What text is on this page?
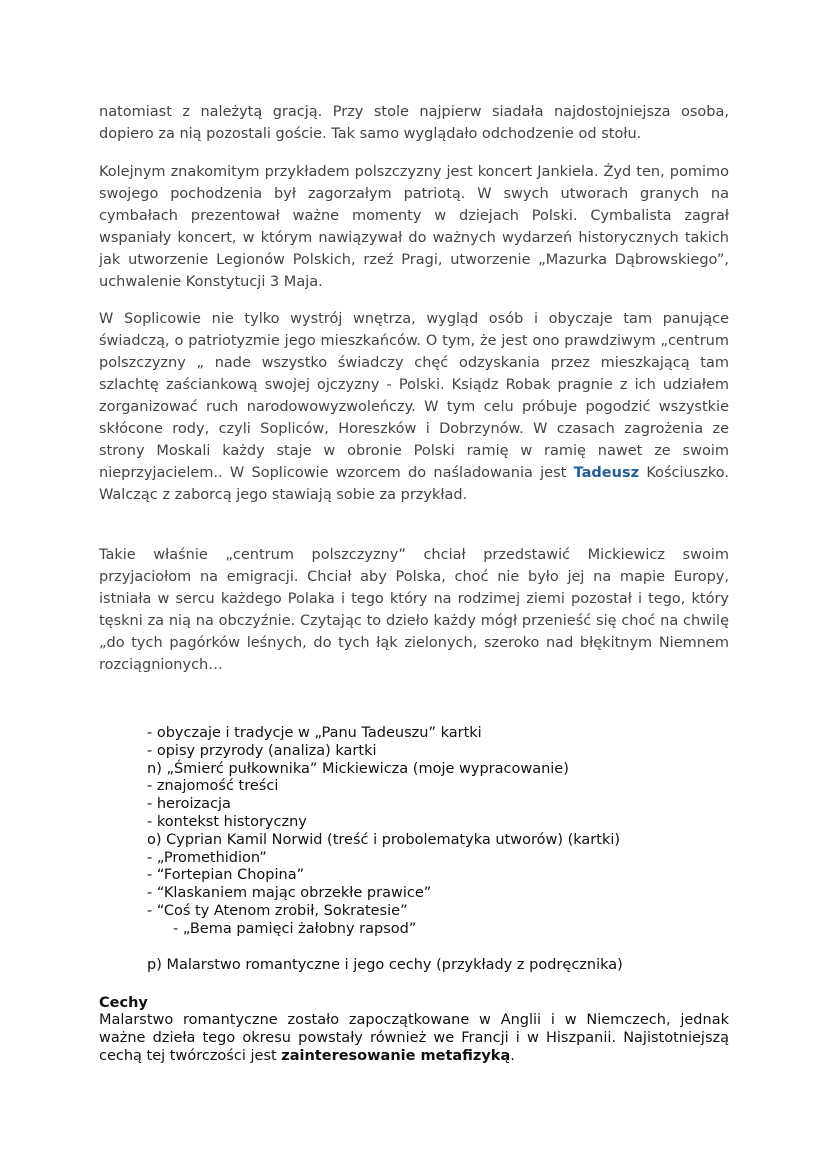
natomiast z należytą gracją. Przy stole najpierw siadała najdostojniejsza osoba, dopiero za nią pozostali goście. Tak samo wyglądało odchodzenie od stołu.

Kolejnym znakomitym przykładem polszczyzny jest koncert Jankiela. Żyd ten, pomimo swojego pochodzenia był zagorzałym patriotą. W swych utworach granych na cymbałach prezentował ważne momenty w dziejach Polski. Cymbalista zagrał wspaniały koncert, w którym nawiązywał do ważnych wydarzeń historycznych takich jak utworzenie Legionów Polskich, rzeź Pragi, utworzenie „Mazurka Dąbrowskiego”, uchwalenie Konstytucji 3 Maja.

W Soplicowie nie tylko wystrój wnętrza, wygląd osób i obyczaje tam panujące świadczą, o patriotyzmie jego mieszkańców. O tym, że jest ono prawdziwym „centrum polszczyzny „ nade wszystko świadczy chęć odzyskania przez mieszkającą tam szlachtę zaściankową swojej ojczyzny - Polski. Ksiądz Robak pragnie z ich udziałem zorganizować ruch narodowowyzwoleńczy. W tym celu próbuje pogodzić wszystkie skłócone rody, czyli Sopliców, Horeszków i Dobrzynów. W czasach zagrożenia ze strony Moskali każdy staje w obronie Polski ramię w ramię nawet ze swoim nieprzyjacielem.. W Soplicowie wzorcem do naśladowania jest Tadeusz Kościuszko. Walcząc z zaborcą jego stawiają sobie za przykład.

Takie właśnie „centrum polszczyzny” chciał przedstawić Mickiewicz swoim przyjaciołom na emigracji. Chciał aby Polska, choć nie było jej na mapie Europy, istniała w sercu każdego Polaka i tego który na rodzimej ziemi pozostał i tego, który tęskni za nią na obczyźnie. Czytając to dzieło każdy mógł przenieść się choć na chwilę „do tych pagórków leśnych, do tych łąk zielonych, szeroko nad błękitnym Niemnem rozciągnionych…

- obyczaje i tradycje w „Panu Tadeuszu” kartki
- opisy przyrody (analiza) kartki
n) „Śmierć pułkownika” Mickiewicza (moje wypracowanie)
- znajomość treści
- heroizacja
- kontekst historyczny
o) Cyprian Kamil Norwid (treść i probolematyka utworów) (kartki)
- „Promethidion”
- “Fortepian Chopina”
- “Klaskaniem mając obrzekłe prawice”
- “Coś ty Atenom zrobił, Sokratesie”
- „Bema pamięci żałobny rapsod”
p) Malarstwo romantyczne i jego cechy (przykłady z podręcznika)
Cechy

Malarstwo romantyczne zostało zapoczątkowane w Anglii i w Niemczech, jednak ważne dzieła tego okresu powstały również we Francji i w Hiszpanii. Najistotniejszą cechą tej twórczości jest zainteresowanie metafizyką.
